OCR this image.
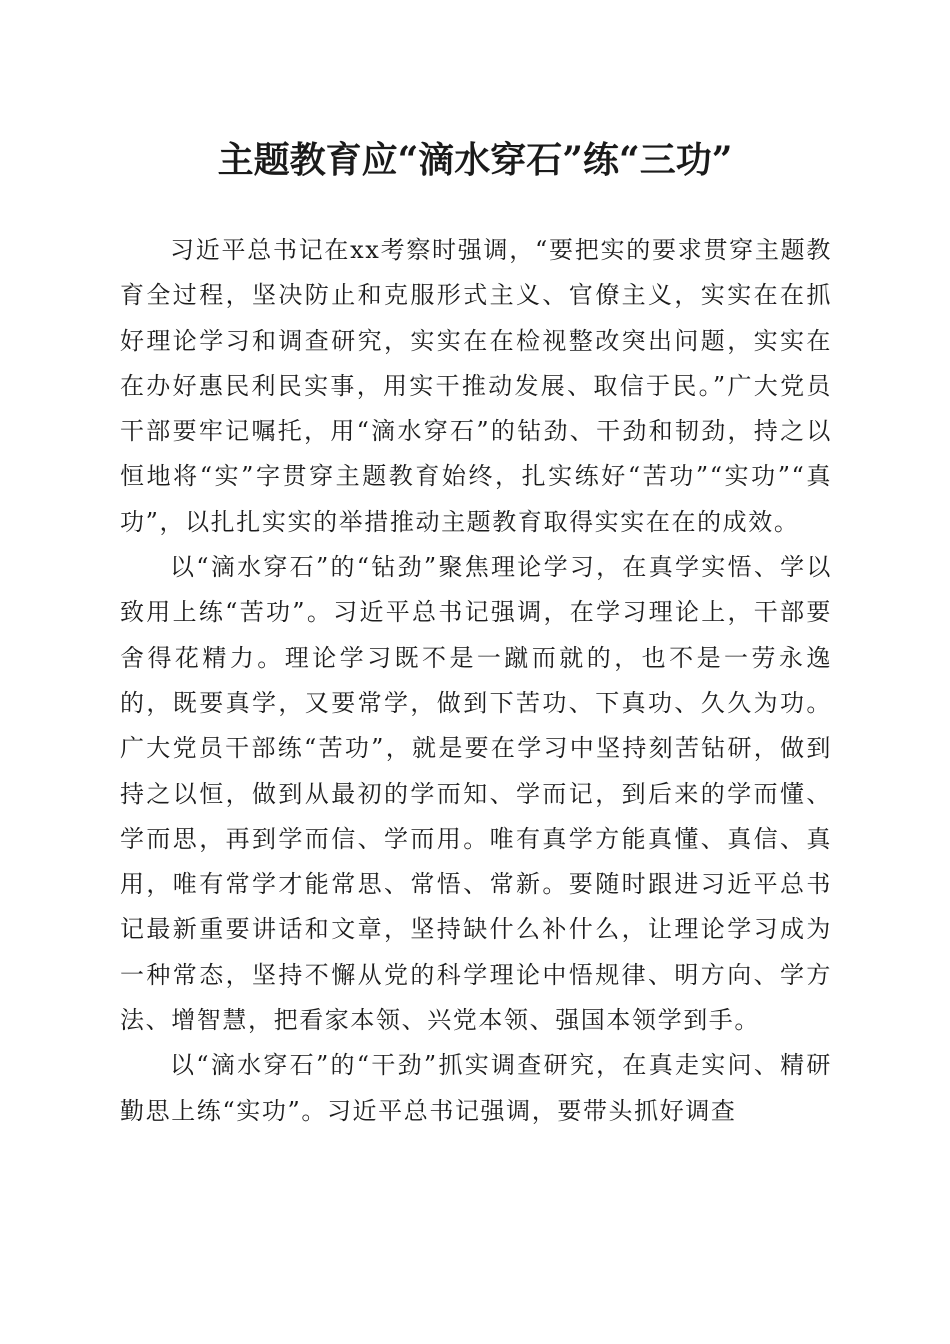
主题教育应“滴水穿石”练“三功”

习近平总书记在xx考察时强调，“要把实的要求贯穿主题教育全过程，坚决防止和克服形式主义、官僚主义，实实在在抓好理论学习和调查研究，实实在在检视整改突出问题，实实在在办好惠民利民实事，用实干推动发展、取信于民。”广大党员干部要牢记嘱托，用“滴水穿石”的钻劲、干劲和韧劲，持之以恒地将“实”字贯穿主题教育始终，扎实练好“苦功”“实功”“真功”，以扎扎实实的举措推动主题教育取得实实在在的成效。

以“滴水穿石”的“钻劲”聚焦理论学习，在真学实悟、学以致用上练“苦功”。习近平总书记强调，在学习理论上，干部要舍得花精力。理论学习既不是一蹴而就的，也不是一劳永逸的，既要真学，又要常学，做到下苦功、下真功、久久为功。广大党员干部练“苦功”，就是要在学习中坚持刻苦钻研，做到持之以恒，做到从最初的学而知、学而记，到后来的学而懂、学而思，再到学而信、学而用。唯有真学方能真懂、真信、真用，唯有常学才能常思、常悟、常新。要随时跟进习近平总书记最新重要讲话和文章，坚持缺什么补什么，让理论学习成为一种常态，坚持不懈从党的科学理论中悟规律、明方向、学方法、增智慧，把看家本领、兴党本领、强国本领学到手。

以“滴水穿石”的“干劲”抓实调查研究，在真走实问、精研勤思上练“实功”。习近平总书记强调，要带头抓好调查
